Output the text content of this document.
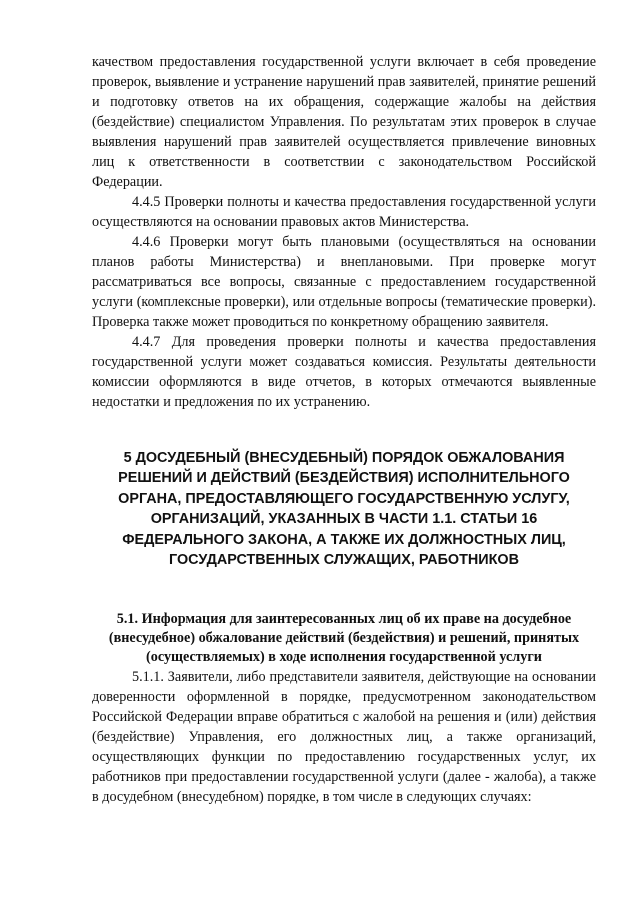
качеством предоставления государственной услуги включает в себя проведение проверок, выявление и устранение нарушений прав заявителей, принятие решений и подготовку ответов на их обращения, содержащие жалобы на действия (бездействие) специалистом Управления. По результатам этих проверок в случае выявления нарушений прав заявителей осуществляется привлечение виновных лиц к ответственности в соответствии с законодательством Российской Федерации.

4.4.5 Проверки полноты и качества предоставления государственной услуги осуществляются на основании правовых актов Министерства.

4.4.6 Проверки могут быть плановыми (осуществляться на основании планов работы Министерства) и внеплановыми. При проверке могут рассматриваться все вопросы, связанные с предоставлением государственной услуги (комплексные проверки), или отдельные вопросы (тематические проверки). Проверка также может проводиться по конкретному обращению заявителя.

4.4.7 Для проведения проверки полноты и качества предоставления государственной услуги может создаваться комиссия. Результаты деятельности комиссии оформляются в виде отчетов, в которых отмечаются выявленные недостатки и предложения по их устранению.

5 ДОСУДЕБНЫЙ (ВНЕСУДЕБНЫЙ) ПОРЯДОК ОБЖАЛОВАНИЯ РЕШЕНИЙ И ДЕЙСТВИЙ (БЕЗДЕЙСТВИЯ) ИСПОЛНИТЕЛЬНОГО ОРГАНА, ПРЕДОСТАВЛЯЮЩЕГО ГОСУДАРСТВЕННУЮ УСЛУГУ, ОРГАНИЗАЦИЙ, УКАЗАННЫХ В ЧАСТИ 1.1. СТАТЬИ 16 ФЕДЕРАЛЬНОГО ЗАКОНА, А ТАКЖЕ ИХ ДОЛЖНОСТНЫХ ЛИЦ, ГОСУДАРСТВЕННЫХ СЛУЖАЩИХ, РАБОТНИКОВ
5.1. Информация для заинтересованных лиц об их праве на досудебное (внесудебное) обжалование действий (бездействия) и решений, принятых (осуществляемых) в ходе исполнения государственной услуги

5.1.1. Заявители, либо представители заявителя, действующие на основании доверенности оформленной в порядке, предусмотренном законодательством Российской Федерации вправе обратиться с жалобой на решения и (или) действия (бездействие) Управления, его должностных лиц, а также организаций, осуществляющих функции по предоставлению государственных услуг, их работников при предоставлении государственной услуги (далее - жалоба), а также в досудебном (внесудебном) порядке, в том числе в следующих случаях:
